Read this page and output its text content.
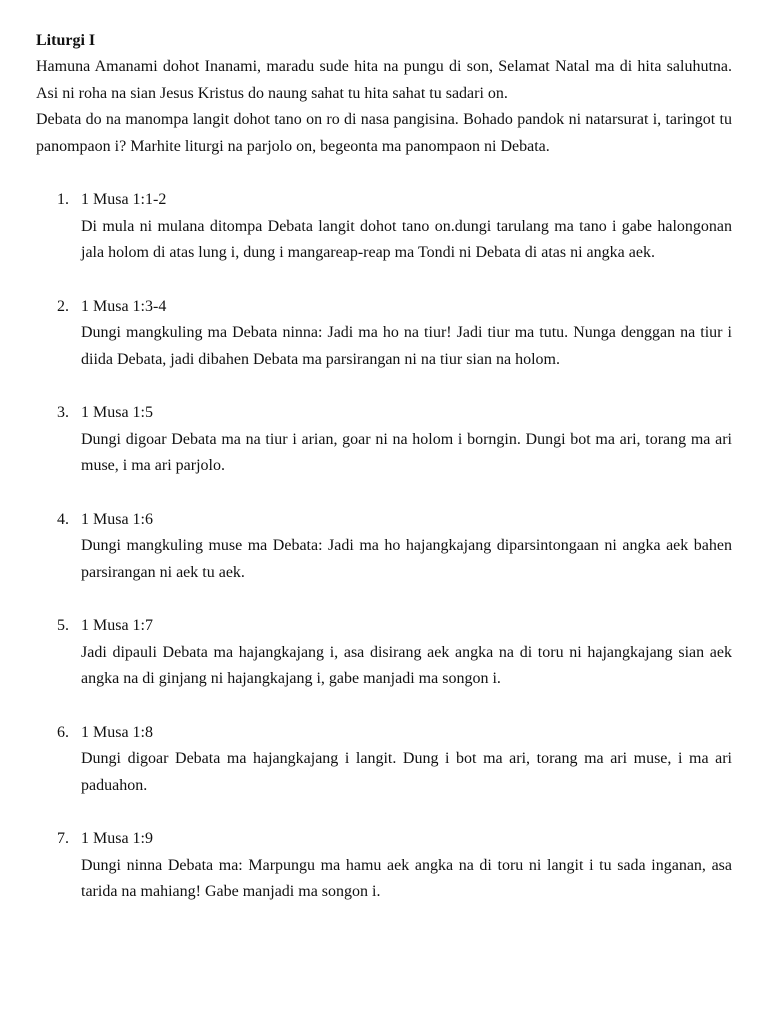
Liturgi I

Hamuna Amanami dohot Inanami, maradu sude hita na pungu di son, Selamat Natal ma di hita saluhutna. Asi ni roha na sian Jesus Kristus do naung sahat tu hita sahat tu sadari on.

Debata do na manompa langit dohot tano on ro di nasa pangisina. Bohado pandok ni natarsurat i, taringot tu panompaon i? Marhite liturgi na parjolo on, begeonta ma panompaon ni Debata.

1. 1 Musa 1:1-2

Di mula ni mulana ditompa Debata langit dohot tano on.dungi tarulang ma tano i gabe halongonan jala holom di atas lung i, dung i mangareap-reap ma Tondi ni Debata di atas ni angka aek.

2. 1 Musa 1:3-4

Dungi mangkuling ma Debata ninna: Jadi ma ho na tiur! Jadi tiur ma tutu. Nunga denggan na tiur i diida Debata, jadi dibahen Debata ma parsirangan ni na tiur sian na holom.

3. 1 Musa 1:5

Dungi digoar Debata ma na tiur i arian, goar ni na holom i borngin. Dungi bot ma ari, torang ma ari muse, i ma ari parjolo.

4. 1 Musa 1:6

Dungi mangkuling muse ma Debata: Jadi ma ho hajangkajang diparsintongaan ni angka aek bahen parsirangan ni aek tu aek.

5. 1 Musa 1:7

Jadi dipauli Debata ma hajangkajang i, asa disirang aek angka na di toru ni hajangkajang sian aek angka na di ginjang ni hajangkajang i, gabe manjadi ma songon i.

6. 1 Musa 1:8

Dungi digoar Debata ma hajangkajang i langit. Dung i bot ma ari, torang ma ari muse, i ma ari paduahon.

7. 1 Musa 1:9

Dungi ninna Debata ma: Marpungu ma hamu aek angka na di toru ni langit i tu sada inganan, asa tarida na mahiang! Gabe manjadi ma songon i.
